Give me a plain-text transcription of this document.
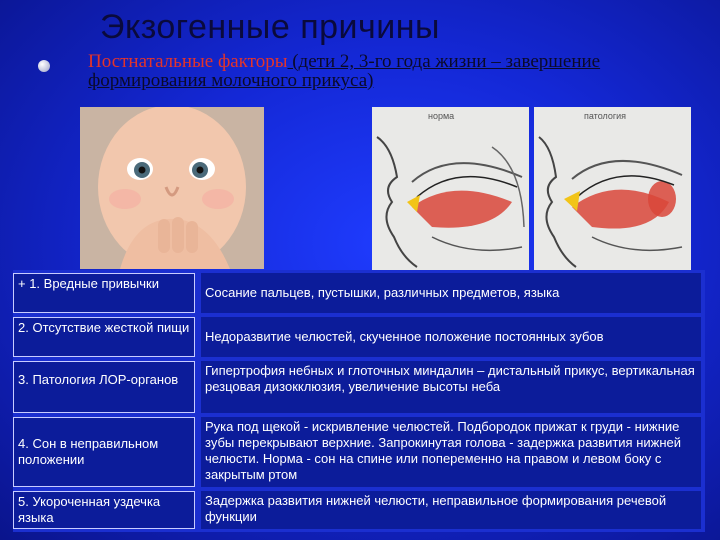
Экзогенные причины
Постнатальные факторы (дети 2, 3-го года жизни – завершение формирования молочного прикуса)
норма	патология
+ 1. Вредные привычки
Сосание пальцев, пустышки, различных предметов, языка
2. Отсутствие жесткой пищи
Недоразвитие челюстей, скученное положение постоянных зубов
3. Патология ЛОР-органов
Гипертрофия небных и глоточных миндалин – дистальный прикус, вертикальная резцовая дизокклюзия, увеличение высоты неба
4. Сон в неправильном положении
Рука под щекой - искривление челюстей. Подбородок прижат к груди - нижние зубы перекрывают верхние. Запрокинутая голова - задержка развития нижней челюсти. Норма - сон на спине или попеременно на правом и левом боку с закрытым ртом
5. Укороченная уздечка языка
Задержка развития нижней челюсти, неправильное формирования речевой функции
